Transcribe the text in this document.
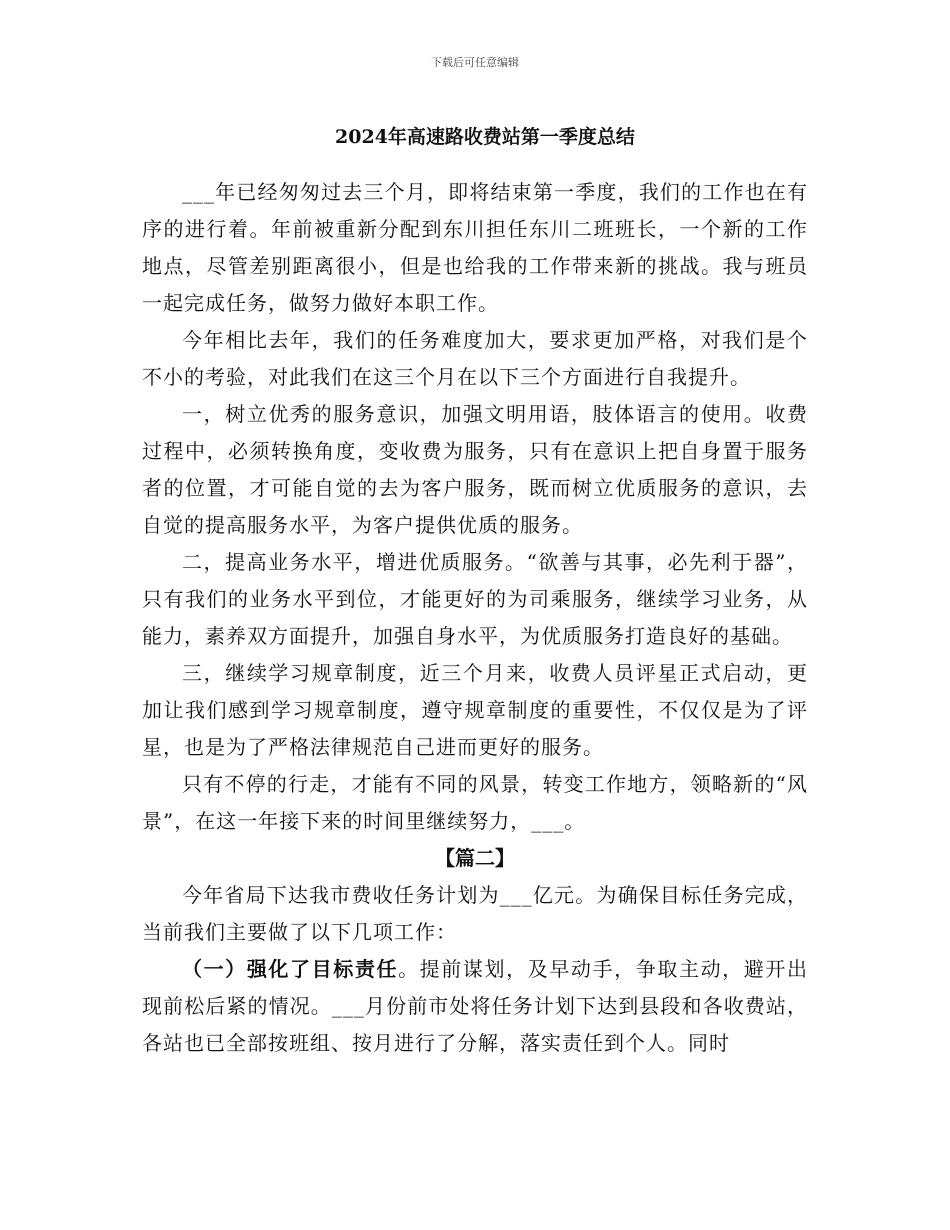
下载后可任意编辑
2024年高速路收费站第一季度总结

___年已经匆匆过去三个月，即将结束第一季度，我们的工作也在有序的进行着。年前被重新分配到东川担任东川二班班长，一个新的工作地点，尽管差别距离很小，但是也给我的工作带来新的挑战。我与班员一起完成任务，做努力做好本职工作。

今年相比去年，我们的任务难度加大，要求更加严格，对我们是个不小的考验，对此我们在这三个月在以下三个方面进行自我提升。

一，树立优秀的服务意识，加强文明用语，肢体语言的使用。收费过程中，必须转换角度，变收费为服务，只有在意识上把自身置于服务者的位置，才可能自觉的去为客户服务，既而树立优质服务的意识，去自觉的提高服务水平，为客户提供优质的服务。

二，提高业务水平，增进优质服务。“欲善与其事，必先利于器”，只有我们的业务水平到位，才能更好的为司乘服务，继续学习业务，从能力，素养双方面提升，加强自身水平，为优质服务打造良好的基础。

三，继续学习规章制度，近三个月来，收费人员评星正式启动，更加让我们感到学习规章制度，遵守规章制度的重要性，不仅仅是为了评星，也是为了严格法律规范自己进而更好的服务。

只有不停的行走，才能有不同的风景，转变工作地方，领略新的“风景”，在这一年接下来的时间里继续努力，___。

【篇二】

今年省局下达我市费收任务计划为___亿元。为确保目标任务完成，当前我们主要做了以下几项工作：

（一）强化了目标责任。提前谋划，及早动手，争取主动，避开出现前松后紧的情况。___月份前市处将任务计划下达到县段和各收费站，各站也已全部按班组、按月进行了分解，落实责任到个人。同时
